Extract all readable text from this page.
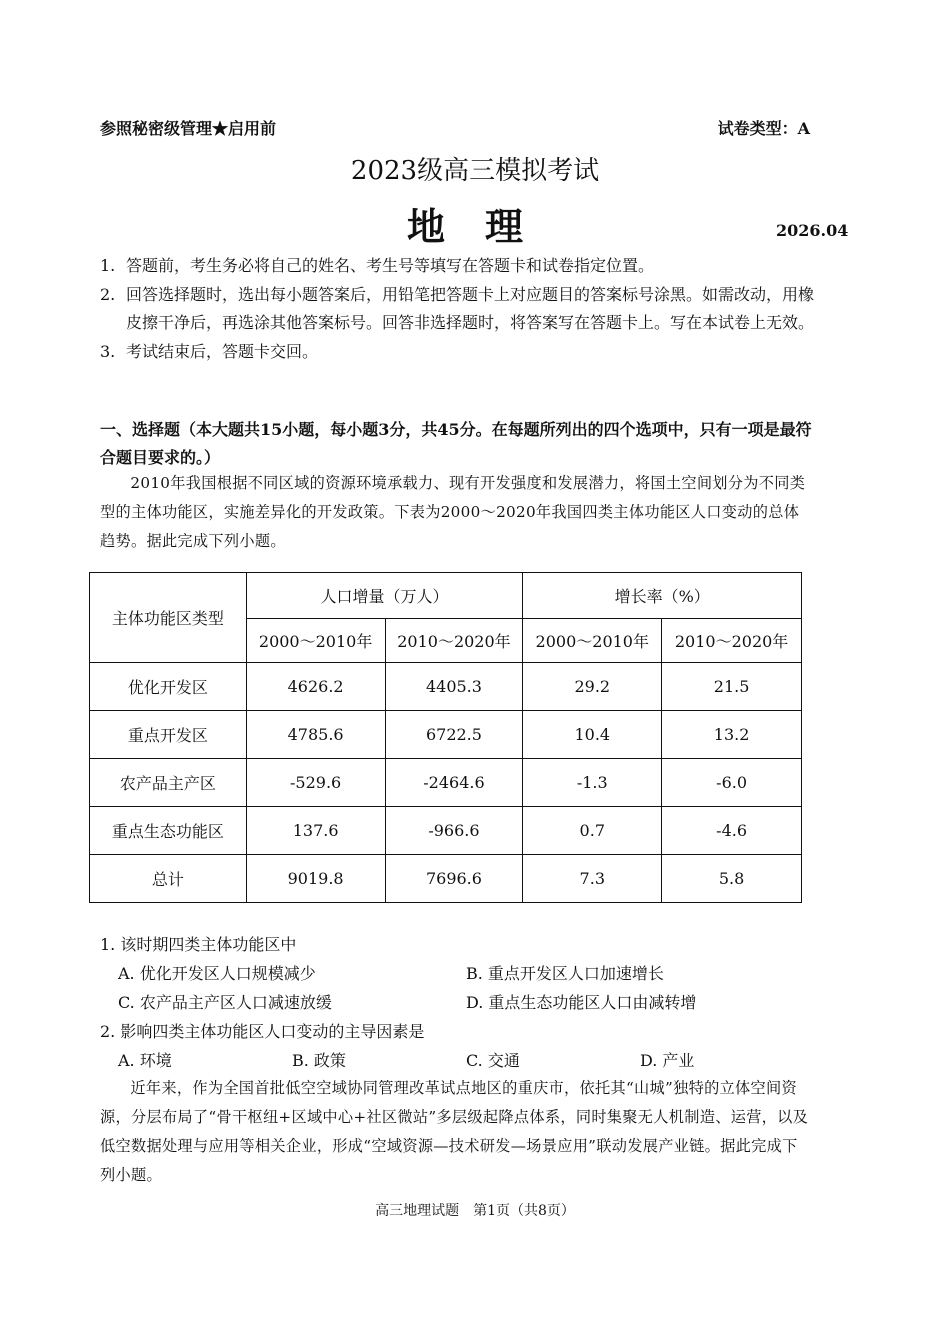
参照秘密级管理★启用前	试卷类型：A
2023级高三模拟考试
地理	2026.04
1. 答题前，考生务必将自己的姓名、考生号等填写在答题卡和试卷指定位置。
2. 回答选择题时，选出每小题答案后，用铅笔把答题卡上对应题目的答案标号涂黑。如需改动，用橡皮擦干净后，再选涂其他答案标号。回答非选择题时，将答案写在答题卡上。写在本试卷上无效。
3. 考试结束后，答题卡交回。
一、选择题（本大题共15小题，每小题3分，共45分。在每题所列出的四个选项中，只有一项是最符合题目要求的。）
2010年我国根据不同区域的资源环境承载力、现有开发强度和发展潜力，将国土空间划分为不同类型的主体功能区，实施差异化的开发政策。下表为2000～2020年我国四类主体功能区人口变动的总体趋势。据此完成下列小题。
主体功能区类型	人口增量（万人）		增长率（%）	
	2000～2010年	2010～2020年	2000～2010年	2010～2020年
优化开发区	4626.2	4405.3	29.2	21.5
重点开发区	4785.6	6722.5	10.4	13.2
农产品主产区	-529.6	-2464.6	-1.3	-6.0
重点生态功能区	137.6	-966.6	0.7	-4.6
总计	9019.8	7696.6	7.3	5.8
1. 该时期四类主体功能区中
A. 优化开发区人口规模减少	B. 重点开发区人口加速增长
C. 农产品主产区人口减速放缓	D. 重点生态功能区人口由减转增
2. 影响四类主体功能区人口变动的主导因素是
A. 环境	B. 政策	C. 交通	D. 产业
近年来，作为全国首批低空空域协同管理改革试点地区的重庆市，依托其“山城”独特的立体空间资源，分层布局了“骨干枢纽+区域中心+社区微站”多层级起降点体系，同时集聚无人机制造、运营，以及低空数据处理与应用等相关企业，形成“空域资源—技术研发—场景应用”联动发展产业链。据此完成下列小题。
高三地理试题　第1页（共8页）
